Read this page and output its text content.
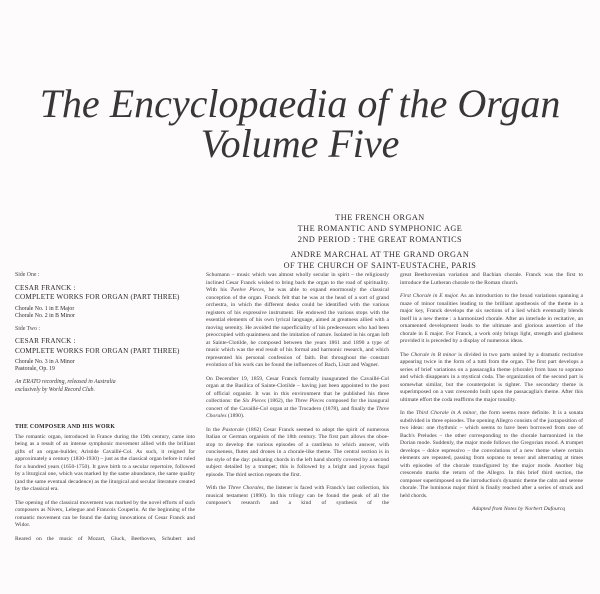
The Encyclopaedia of the Organ
Volume Five
THE FRENCH ORGAN
THE ROMANTIC AND SYMPHONIC AGE
2ND PERIOD : THE GREAT ROMANTICS
ANDRE MARCHAL AT THE GRAND ORGAN
OF THE CHURCH OF SAINT-EUSTACHE, PARIS
Side One :
CESAR FRANCK :
COMPLETE WORKS FOR ORGAN (PART THREE)
Chorale No. 1 in E Major
Chorale No. 2 in B Minor
Side Two :
CESAR FRANCK :
COMPLETE WORKS FOR ORGAN (PART THREE)
Chorale No. 3 in A Minor
Pastorale, Op. 19
An ERATO recording, released in Australia
exclusively by World Record Club.
THE COMPOSER AND HIS WORK

The romantic organ, introduced in France during the 19th century, came into being as a result of an intense symphonic movement allied with the brilliant gifts of an organ-builder, Aristide Cavaillé-Col. As such, it reigned for approximately a century (1830-1930) – just as the classical organ before it ruled for a hundred years (1650-1750). It gave birth to a secular repertoire, followed by a liturgical one, which was marked by the same abundance, the same quality (and the same eventual decadence) as the liturgical and secular literature created by the classical era.

The opening of the classical movement was marked by the novel efforts of such composers as Nivers, Lebegue and Francois Couperin. At the beginning of the romantic movement can be found the daring innovations of Cesar Franck and Widor.

Reared on the music of Mozart, Gluck, Beethoven, Schubert and

Schumann – music which was almost wholly secular in spirit – the religiously inclined Cesar Franck wished to bring back the organ to the road of spirituality. With his Twelve Pieces, he was able to expand enormously the classical conception of the organ. Franck felt that he was at the head of a sort of grand orchestra, in which the different desks could be identified with the various registers of his expressive instrument. He endowed the various stops with the essential elements of his own lyrical language, aimed at greatness allied with a moving serenity. He avoided the superficiality of his predecessors who had been preoccupied with quaintness and the imitation of nature. Isolated in his organ loft at Sainte-Clotilde, he composed between the years 1861 and 1890 a type of music which was the end result of his formal and harmonic research, and which represented his personal confession of faith. But throughout the constant evolution of his work can be found the influences of Bach, Liszt and Wagner.

On December 19, 1859, Cesar Franck formally inaugurated the Cavaillé-Col organ at the Basilica of Sainte-Clotilde – having just been appointed to the post of official organist. It was in this environment that he published his three collections: the Six Pieces (1862), the Three Pieces composed for the inaugural concert of the Cavaillé-Col organ at the Trocadero (1878), and finally the Three Chorales (1890).

In the Pastorale (1862) Cesar Franck seemed to adopt the spirit of numerous Italian or German organists of the 18th century. The first part allows the oboe-stop to develop the various episodes of a cantilena to which answer, with conciseness, flutes and drones in a chorale-like theme. The central section is in the style of the day: pulsating chords in the left hand shortly covered by a second subject detailed by a trumpet; this is followed by a bright and joyous fugal episode. The third section repeats the first.

With the Three Chorales, the listener is faced with Franck's last collection, his musical testament (1890). In this trilogy can be found the peak of all the composer's research and a kind of synthesis of the

great Beethovenian variation and Bachian chorale. Franck was the first to introduce the Lutheran chorale to the Roman church.

First Chorale in E major. As an introduction to the broad variations spanning a maze of minor tonalities leading to the brilliant apotheosis of the theme in a major key, Franck develops the six sections of a lied which eventually blends itself in a new theme : a harmonized chorale. After an interlude in recitative, an ornamented development leads to the ultimate and glorious assertion of the chorale in E major. For Franck, a work only brings light, strength and gladness provided it is preceded by a display of numerous ideas.

The Chorale in B minor is divided in two parts united by a dramatic recitative appearing twice in the form of a tutti from the organ. The first part develops a series of brief variations on a passacaglia theme (chorale) from bass to soprano and which disappears in a mystical coda. The organization of the second part is somewhat similar, but the counterpoint is tighter. The secondary theme is superimposed on a vast crescendo built upon the passacaglia's theme. After this ultimate effort the coda reaffirms the major tonality.

In the Third Chorale in A minor, the form seems more definite. It is a sonata subdivided in three episodes. The opening Allegro consists of the juxtaposition of two ideas: one rhythmic – which seems to have been borrowed from one of Bach's Preludes – the other corresponding to the chorale harmonized in the Dorian mode. Suddenly, the major mode follows the Gregorian mood. A trumpet develops – dolce espressivo – the convolutions of a new theme where certain elements are repeated, passing from soprano to tenor and alternating at times with episodes of the chorale transfigured by the major mode. Another big crescendo marks the return of the Allegro. In this brief third section, the composer superimposed on the introduction's dynamic theme the calm and serene chorale. The luminous major third is finally reached after a series of struck and held chords.

Adapted from Notes by Norbert Dufourcq
